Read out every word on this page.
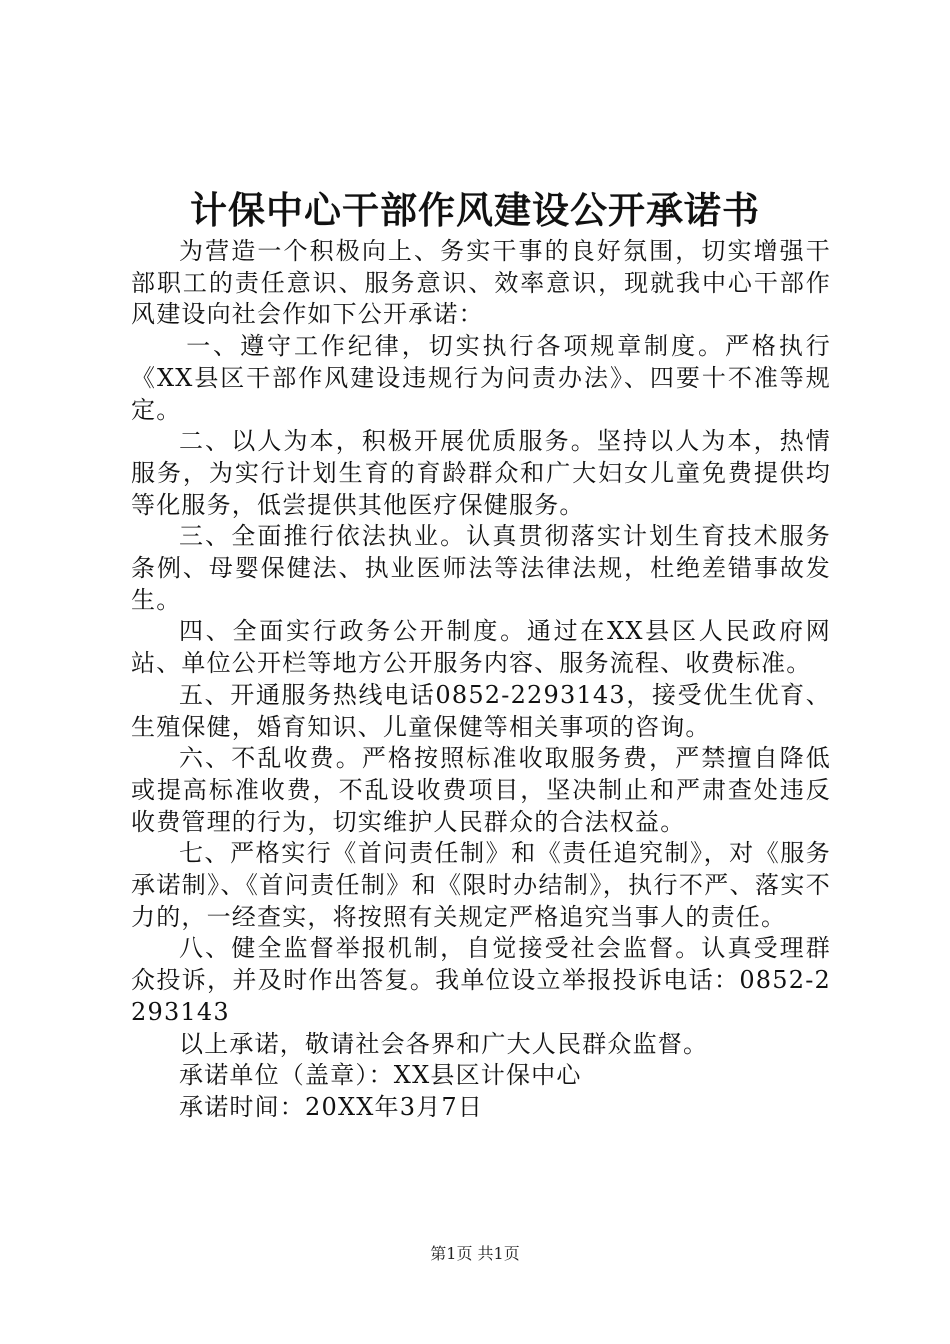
计保中心干部作风建设公开承诺书

为营造一个积极向上、务实干事的良好氛围，切实增强干部职工的责任意识、服务意识、效率意识，现就我中心干部作风建设向社会作如下公开承诺：

一、遵守工作纪律，切实执行各项规章制度。严格执行《XX县区干部作风建设违规行为问责办法》、四要十不准等规定。

二、以人为本，积极开展优质服务。坚持以人为本，热情服务，为实行计划生育的育龄群众和广大妇女儿童免费提供均等化服务，低尝提供其他医疗保健服务。

三、全面推行依法执业。认真贯彻落实计划生育技术服务条例、母婴保健法、执业医师法等法律法规，杜绝差错事故发生。

四、全面实行政务公开制度。通过在XX县区人民政府网站、单位公开栏等地方公开服务内容、服务流程、收费标准。

五、开通服务热线电话0852-2293143，接受优生优育、生殖保健，婚育知识、儿童保健等相关事项的咨询。

六、不乱收费。严格按照标准收取服务费，严禁擅自降低或提高标准收费，不乱设收费项目，坚决制止和严肃查处违反收费管理的行为，切实维护人民群众的合法权益。

七、严格实行《首问责任制》和《责任追究制》，对《服务承诺制》、《首问责任制》和《限时办结制》，执行不严、落实不力的，一经查实，将按照有关规定严格追究当事人的责任。

八、健全监督举报机制，自觉接受社会监督。认真受理群众投诉，并及时作出答复。我单位设立举报投诉电话：0852-2293143

以上承诺，敬请社会各界和广大人民群众监督。

承诺单位（盖章）：XX县区计保中心

承诺时间：20XX年3月7日

第1页 共1页
